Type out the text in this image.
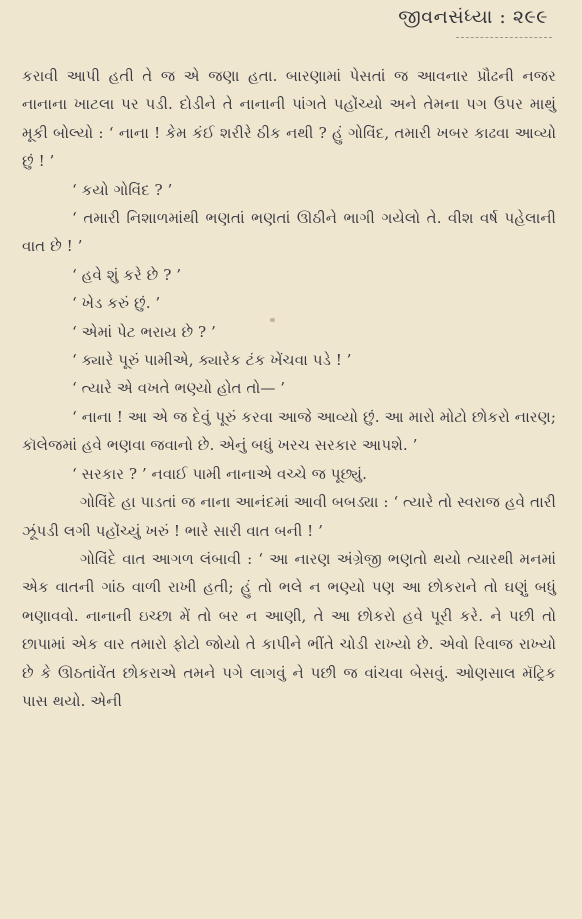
જીવનસંધ્યા : ૨૯૯

કરાવી આપી હતી તે જ એ જણા હતા. બારણામાં પેસતાં જ આવનાર પ્રૌઢની નજર નાનાના ખાટલા પર પડી. દોડીને તે નાનાની પાંગતે પહોંચ્યો અને તેમના પગ ઉપર માથું મૂકી બોલ્યો : ‘ નાના ! કેમ કંઈ શરીરે ઠીક નથી ? હું ગોવિંદ, તમારી ખબર કાઢવા આવ્યો છું ! ’

‘ કયો ગોવિંદ ? ’

‘ તમારી નિશાળમાંથી ભણતાં ભણતાં ઊઠીને ભાગી ગયેલો તે. વીશ વર્ષ પહેલાની વાત છે ! ’

‘ હવે શું કરે છે ? ’

‘ ખેડ કરું છું. ’

‘ એમાં પેટ ભરાય છે ? ’

‘ ક્યારે પૂરું પામીએ, ક્યારેક ટંક ખેંચવા પડે ! ’

‘ ત્યારે એ વખતે ભણ્યો હોત તો— ’

‘ નાના ! આ એ જ દેવું પૂરું કરવા આજે આવ્યો છું. આ મારો મોટો છોકરો નારણ; કૉલેજમાં હવે ભણવા જવાનો છે. એનું બધું ખરચ સરકાર આપશે. ’

‘ સરકાર ? ’ નવાઈ પામી નાનાએ વચ્ચે જ પૂછ્યું.

ગોવિંદે હા પાડતાં જ નાના આનંદમાં આવી બબડ્યા : ‘ ત્યારે તો સ્વરાજ હવે તારી ઝૂંપડી લગી પહોંચ્યું ખરું ! ભારે સારી વાત બની ! ’

ગોવિંદે વાત આગળ લંબાવી : ‘ આ નારણ અંગ્રેજી ભણતો થયો ત્યારથી મનમાં એક વાતની ગાંઠ વાળી રાખી હતી; હું તો ભલે ન ભણ્યો પણ આ છોકરાને તો ઘણું બધું ભણાવવો. નાનાની ઇચ્છા મેં તો બર ન આણી, તે આ છોકરો હવે પૂરી કરે. ને પછી તો છાપામાં એક વાર તમારો ફોટો જોયો તે કાપીને ભીંતે ચોડી રાખ્યો છે. એવો રિવાજ રાખ્યો છે કે ઊઠતાંવેંત છોકરાએ તમને પગે લાગવું ને પછી જ વાંચવા બેસવું. ઓણસાલ મૅટ્રિક પાસ થયો. એની
